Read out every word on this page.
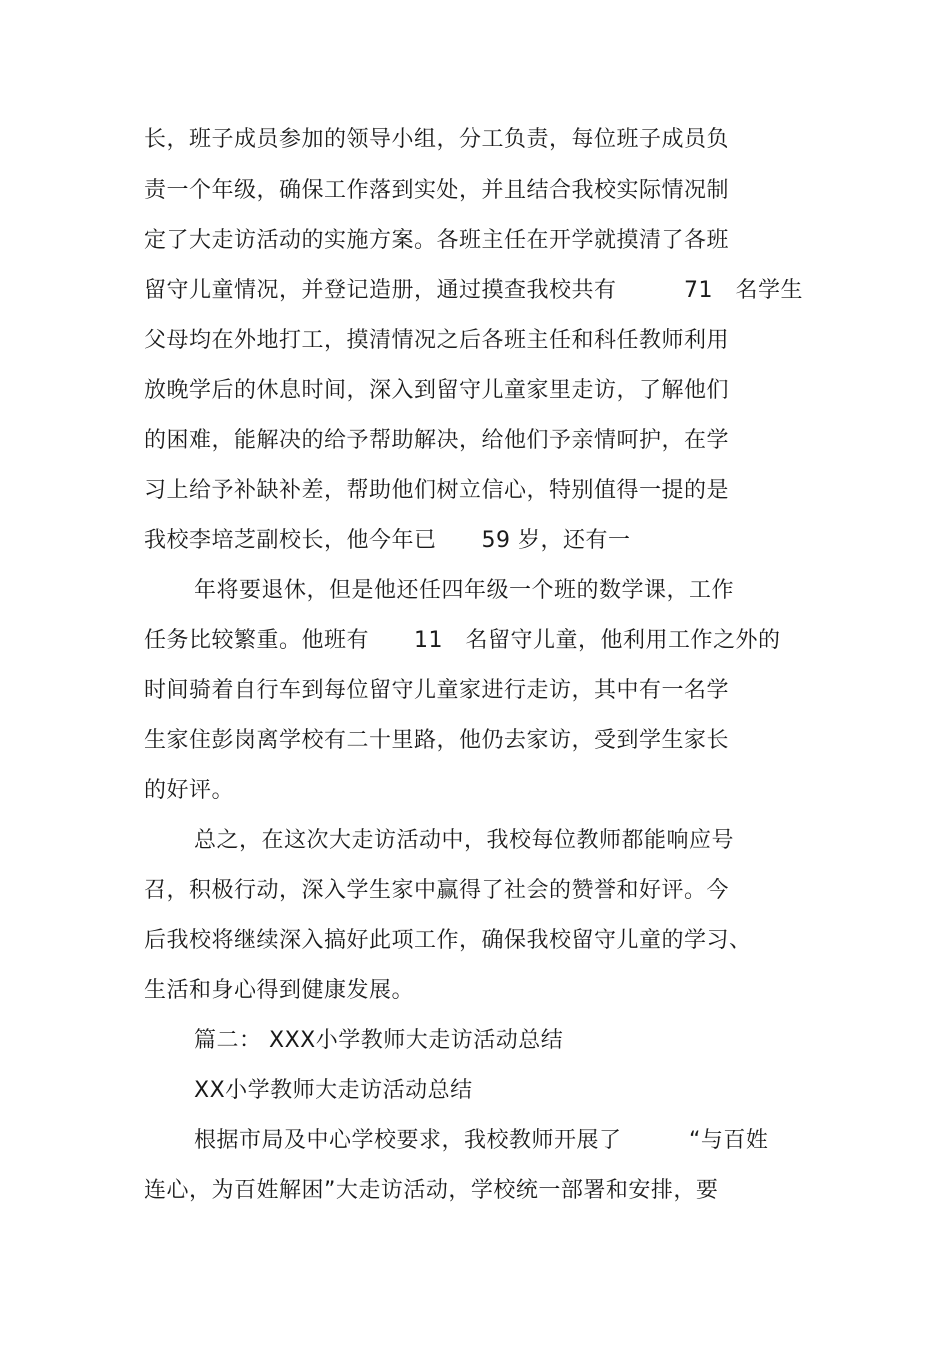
长，班子成员参加的领导小组，分工负责，每位班子成员负
责一个年级，确保工作落到实处，并且结合我校实际情况制
定了大走访活动的实施方案。各班主任在开学就摸清了各班
留守儿童情况，并登记造册，通过摸查我校共有　　　71　名学生
父母均在外地打工，摸清情况之后各班主任和科任教师利用
放晚学后的休息时间，深入到留守儿童家里走访，了解他们
的困难，能解决的给予帮助解决，给他们予亲情呵护，在学
习上给予补缺补差，帮助他们树立信心，特别值得一提的是
我校李培芝副校长，他今年已　　59 岁，还有一
年将要退休，但是他还任四年级一个班的数学课，工作
任务比较繁重。他班有　　11　名留守儿童，他利用工作之外的
时间骑着自行车到每位留守儿童家进行走访，其中有一名学
生家住彭岗离学校有二十里路，他仍去家访，受到学生家长
的好评。
总之，在这次大走访活动中，我校每位教师都能响应号
召，积极行动，深入学生家中赢得了社会的赞誉和好评。今
后我校将继续深入搞好此项工作，确保我校留守儿童的学习、
生活和身心得到健康发展。
篇二： XXX小学教师大走访活动总结
XX小学教师大走访活动总结
根据市局及中心学校要求，我校教师开展了　　　“与百姓
连心，为百姓解困”大走访活动，学校统一部署和安排，要
